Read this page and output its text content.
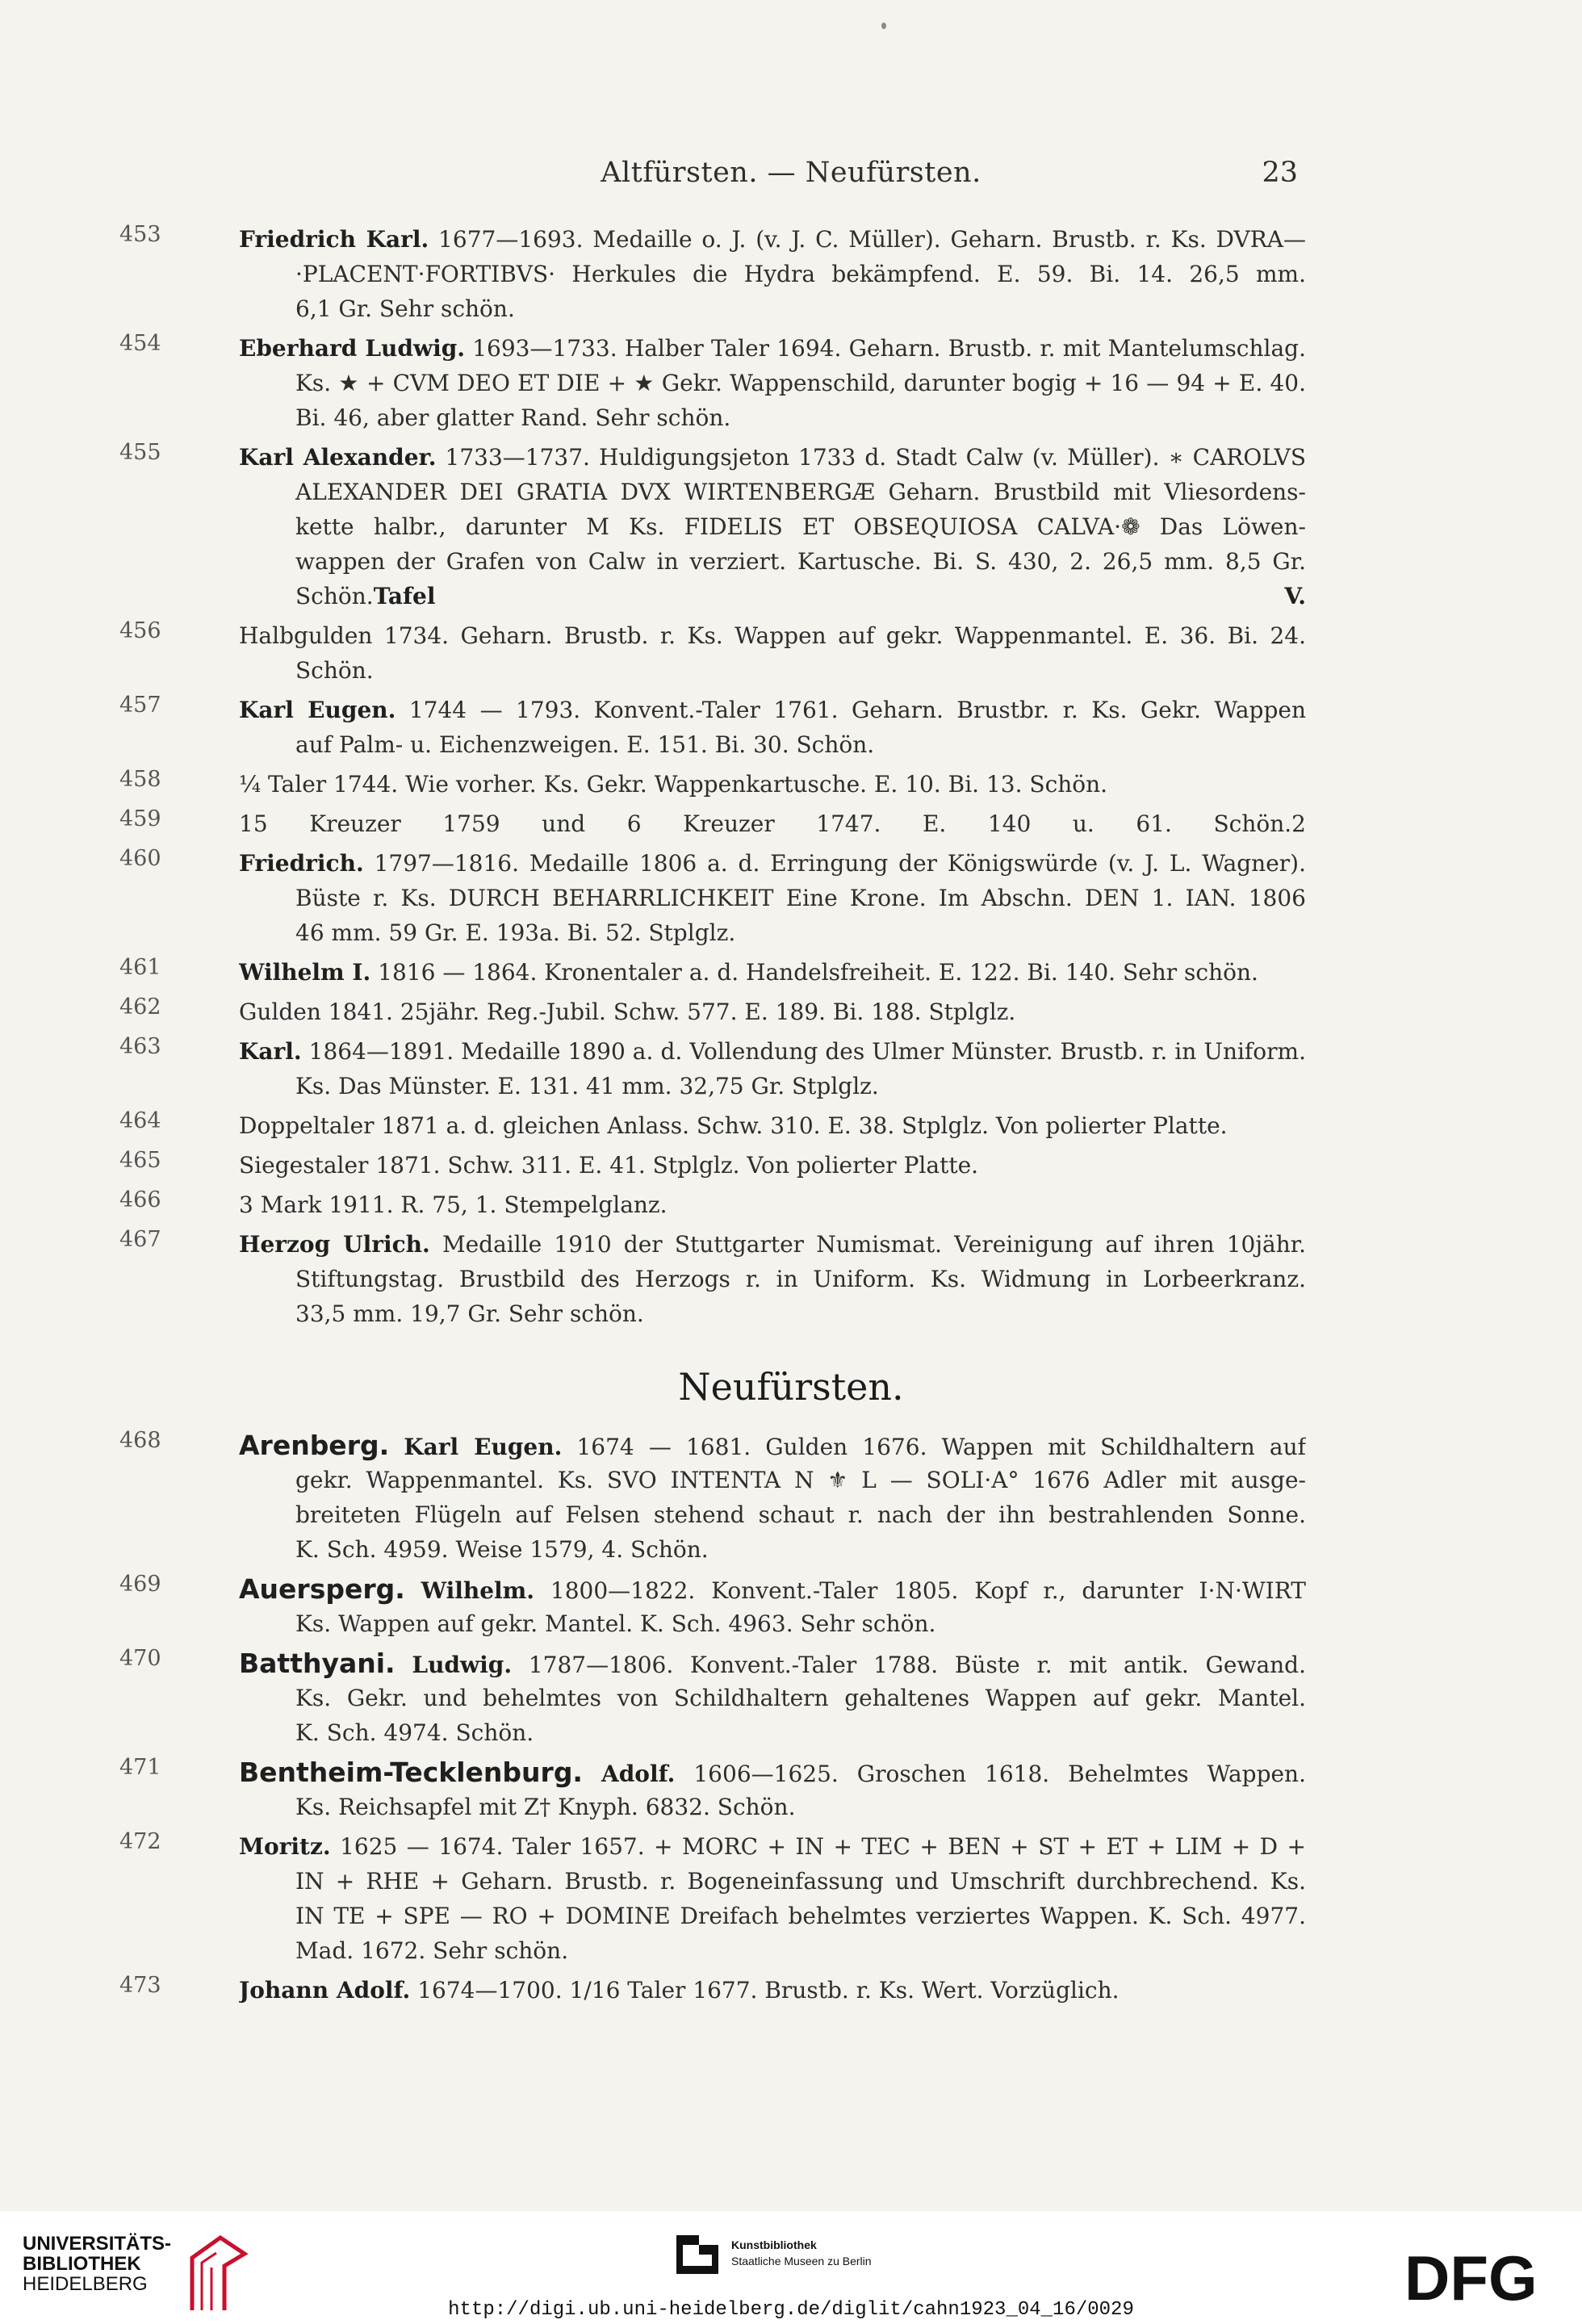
Altfürsten. — Neufürsten.	23
453	Friedrich Karl. 1677—1693. Medaille o. J. (v. J. C. Müller). Geharn. Brustb. r. Ks. DVRA—
·PLACENT·FORTIBVS· Herkules die Hydra bekämpfend. E. 59. Bi. 14. 26,5 mm.
6,1 Gr. Sehr schön.
454	Eberhard Ludwig. 1693—1733. Halber Taler 1694. Geharn. Brustb. r. mit Mantelumschlag.
Ks. ★ + CVM DEO ET DIE + ★ Gekr. Wappenschild, darunter bogig + 16 — 94 + E. 40.
Bi. 46, aber glatter Rand. Sehr schön.
455	Karl Alexander. 1733—1737. Huldigungsjeton 1733 d. Stadt Calw (v. Müller). ∗ CAROLVS
ALEXANDER DEI GRATIA DVX WIRTENBERGÆ Geharn. Brustbild mit Vliesordens-
kette halbr., darunter M Ks. FIDELIS ET OBSEQUIOSA CALVA·❁ Das Löwen-
wappen der Grafen von Calw in verziert. Kartusche. Bi. S. 430, 2. 26,5 mm. 8,5 Gr.
Schön.Tafel V.
456	Halbgulden 1734. Geharn. Brustb. r. Ks. Wappen auf gekr. Wappenmantel. E. 36. Bi. 24.
Schön.
457	Karl Eugen. 1744 — 1793. Konvent.-Taler 1761. Geharn. Brustbr. r. Ks. Gekr. Wappen
auf Palm- u. Eichenzweigen. E. 151. Bi. 30. Schön.
458	¼ Taler 1744. Wie vorher. Ks. Gekr. Wappenkartusche. E. 10. Bi. 13. Schön.
459	15 Kreuzer 1759 und 6 Kreuzer 1747. E. 140 u. 61. Schön.2
460	Friedrich. 1797—1816. Medaille 1806 a. d. Erringung der Königswürde (v. J. L. Wagner).
Büste r. Ks. DURCH BEHARRLICHKEIT Eine Krone. Im Abschn. DEN 1. IAN. 1806
46 mm. 59 Gr. E. 193a. Bi. 52. Stplglz.
461	Wilhelm I. 1816 — 1864. Kronentaler a. d. Handelsfreiheit. E. 122. Bi. 140. Sehr schön.
462	Gulden 1841. 25jähr. Reg.-Jubil. Schw. 577. E. 189. Bi. 188. Stplglz.
463	Karl. 1864—1891. Medaille 1890 a. d. Vollendung des Ulmer Münster. Brustb. r. in Uniform.
Ks. Das Münster. E. 131. 41 mm. 32,75 Gr. Stplglz.
464	Doppeltaler 1871 a. d. gleichen Anlass. Schw. 310. E. 38. Stplglz. Von polierter Platte.
465	Siegestaler 1871. Schw. 311. E. 41. Stplglz. Von polierter Platte.
466	3 Mark 1911. R. 75, 1. Stempelglanz.
467	Herzog Ulrich. Medaille 1910 der Stuttgarter Numismat. Vereinigung auf ihren 10jähr.
Stiftungstag. Brustbild des Herzogs r. in Uniform. Ks. Widmung in Lorbeerkranz.
33,5 mm. 19,7 Gr. Sehr schön.
Neufürsten.
468	Arenberg. Karl Eugen. 1674 — 1681. Gulden 1676. Wappen mit Schildhaltern auf
gekr. Wappenmantel. Ks. SVO INTENTA N ⚜ L — SOLI·A° 1676 Adler mit ausge-
breiteten Flügeln auf Felsen stehend schaut r. nach der ihn bestrahlenden Sonne.
K. Sch. 4959. Weise 1579, 4. Schön.
469	Auersperg. Wilhelm. 1800—1822. Konvent.-Taler 1805. Kopf r., darunter I·N·WIRT
Ks. Wappen auf gekr. Mantel. K. Sch. 4963. Sehr schön.
470	Batthyani. Ludwig. 1787—1806. Konvent.-Taler 1788. Büste r. mit antik. Gewand.
Ks. Gekr. und behelmtes von Schildhaltern gehaltenes Wappen auf gekr. Mantel.
K. Sch. 4974. Schön.
471	Bentheim-Tecklenburg. Adolf. 1606—1625. Groschen 1618. Behelmtes Wappen.
Ks. Reichsapfel mit Z† Knyph. 6832. Schön.
472	Moritz. 1625 — 1674. Taler 1657. + MORC + IN + TEC + BEN + ST + ET + LIM + D +
IN + RHE + Geharn. Brustb. r. Bogeneinfassung und Umschrift durchbrechend. Ks.
IN TE + SPE — RO + DOMINE Dreifach behelmtes verziertes Wappen. K. Sch. 4977.
Mad. 1672. Sehr schön.
473	Johann Adolf. 1674—1700. 1/16 Taler 1677. Brustb. r. Ks. Wert. Vorzüglich.
UNIVERSITÄTS-
BIBLIOTHEK
HEIDELBERG
Kunstbibliothek
Staatliche Museen zu Berlin	DFG
http://digi.ub.uni-heidelberg.de/diglit/cahn1923_04_16/0029
